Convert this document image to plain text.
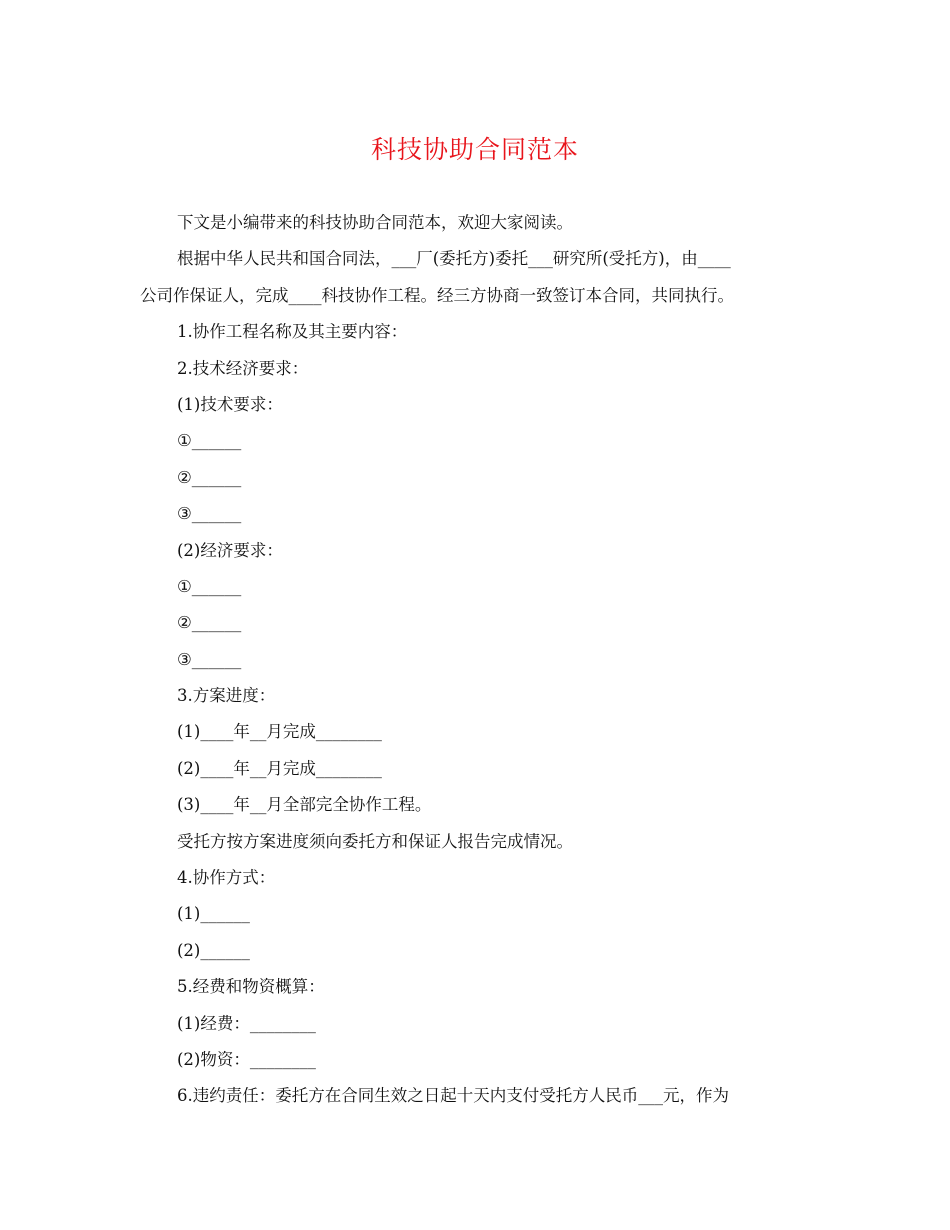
科技协助合同范本
下文是小编带来的科技协助合同范本，欢迎大家阅读。
根据中华人民共和国合同法，___厂(委托方)委托___研究所(受托方)，由____
公司作保证人，完成____科技协作工程。经三方协商一致签订本合同，共同执行。
1.协作工程名称及其主要内容：
2.技术经济要求：
(1)技术要求：
①______
②______
③______
(2)经济要求：
①______
②______
③______
3.方案进度：
(1)____年__月完成________
(2)____年__月完成________
(3)____年__月全部完全协作工程。
受托方按方案进度须向委托方和保证人报告完成情况。
4.协作方式：
(1)______
(2)______
5.经费和物资概算：
(1)经费：________
(2)物资：________
6.违约责任：委托方在合同生效之日起十天内支付受托方人民币___元，作为
